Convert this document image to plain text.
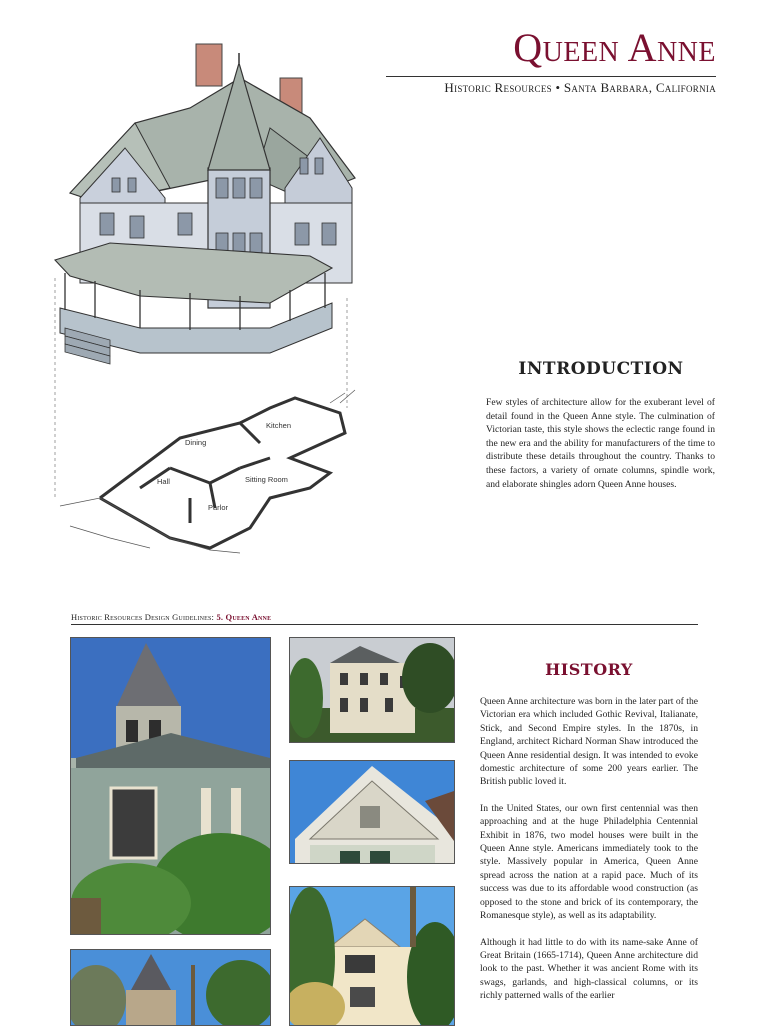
Queen Anne
Historic Resources • Santa Barbara, California
Kitchen
Dining
Hall	Sitting Room
Parlor
INTRODUCTION
Few styles of architecture allow for the exuberant level of detail found in the Queen Anne style. The culmination of Victorian taste, this style shows the eclectic range found in the new era and the ability for manufacturers of the time to distribute these details throughout the country. Thanks to these factors, a variety of ornate columns, spindle work, and elaborate shingles adorn Queen Anne houses.
Historic Resources Design Guidelines: 5. Queen Anne
HISTORY

Queen Anne architecture was born in the later part of the Victorian era which included Gothic Revival, Italianate, Stick, and Second Empire styles. In the 1870s, in England, architect Richard Norman Shaw introduced the Queen Anne residential design. It was intended to evoke domestic architecture of some 200 years earlier. The British public loved it.

In the United States, our own first centennial was then approaching and at the huge Philadelphia Centennial Exhibit in 1876, two model houses were built in the Queen Anne style. Americans immediately took to the style. Massively popular in America, Queen Anne spread across the nation at a rapid pace. Much of its success was due to its affordable wood construction (as opposed to the stone and brick of its contemporary, the Romanesque style), as well as its adaptability.

Although it had little to do with its name-sake Anne of Great Britain (1665-1714), Queen Anne architecture did look to the past. Whether it was ancient Rome with its swags, garlands, and high-classical columns, or its richly patterned walls of the earlier
